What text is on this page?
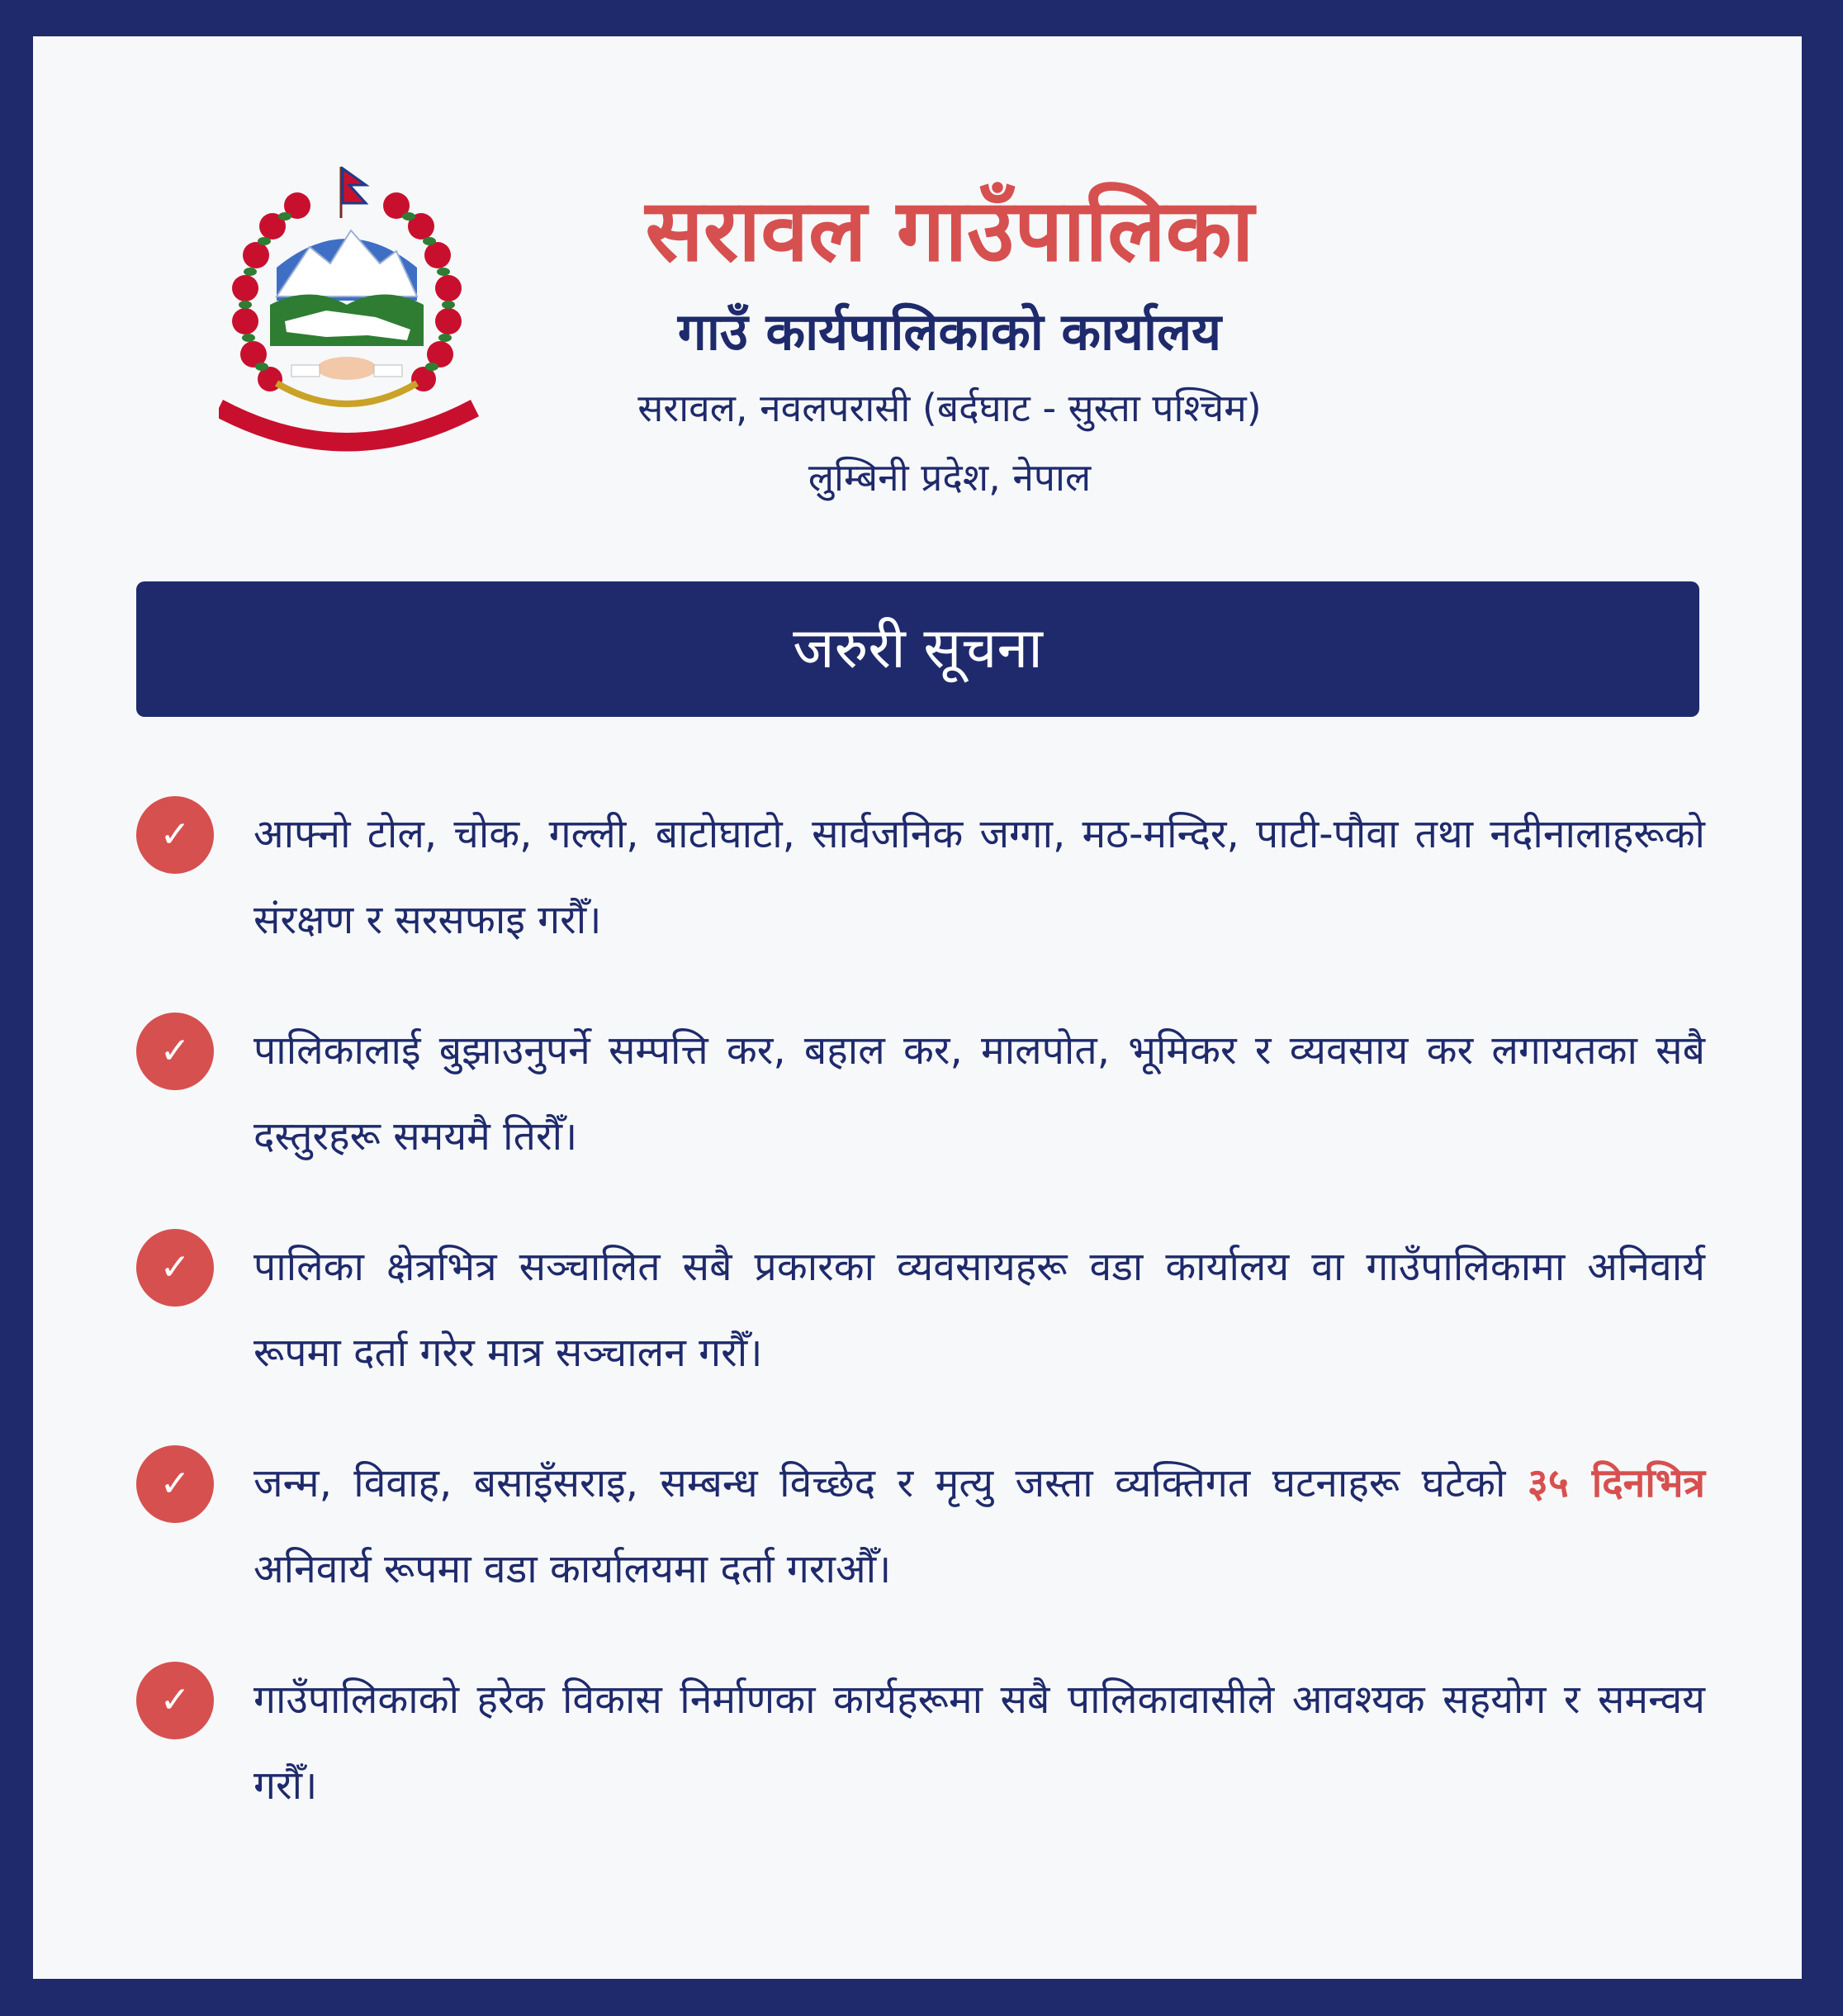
सरावल गाउँपालिका
गाउँ कार्यपालिकाको कार्यालय
सरावल, नवलपरासी (बर्दघाट - सुस्ता पश्चिम)
लुम्बिनी प्रदेश, नेपाल
जरुरी सूचना
✓	आफ्नो टोल, चोक, गल्ली, बाटोघाटो, सार्वजनिक जग्गा, मठ-मन्दिर, पाटी-पौवा तथा नदीनालाहरूको संरक्षण र सरसफाइ गरौँ।
✓	पालिकालाई बुझाउनुपर्ने सम्पत्ति कर, बहाल कर, मालपोत, भूमिकर र व्यवसाय कर लगायतका सबै दस्तुरहरू समयमै तिरौँ।
✓	पालिका क्षेत्रभित्र सञ्चालित सबै प्रकारका व्यवसायहरू वडा कार्यालय वा गाउँपालिकामा अनिवार्य रूपमा दर्ता गरेर मात्र सञ्चालन गरौँ।
✓	जन्म, विवाह, बसाइँसराइ, सम्बन्ध विच्छेद र मृत्यु जस्ता व्यक्तिगत घटनाहरू घटेको ३५ दिनभित्र अनिवार्य रूपमा वडा कार्यालयमा दर्ता गराऔँ।
✓	गाउँपालिकाको हरेक विकास निर्माणका कार्यहरूमा सबै पालिकावासीले आवश्यक सहयोग र समन्वय गरौँ।
